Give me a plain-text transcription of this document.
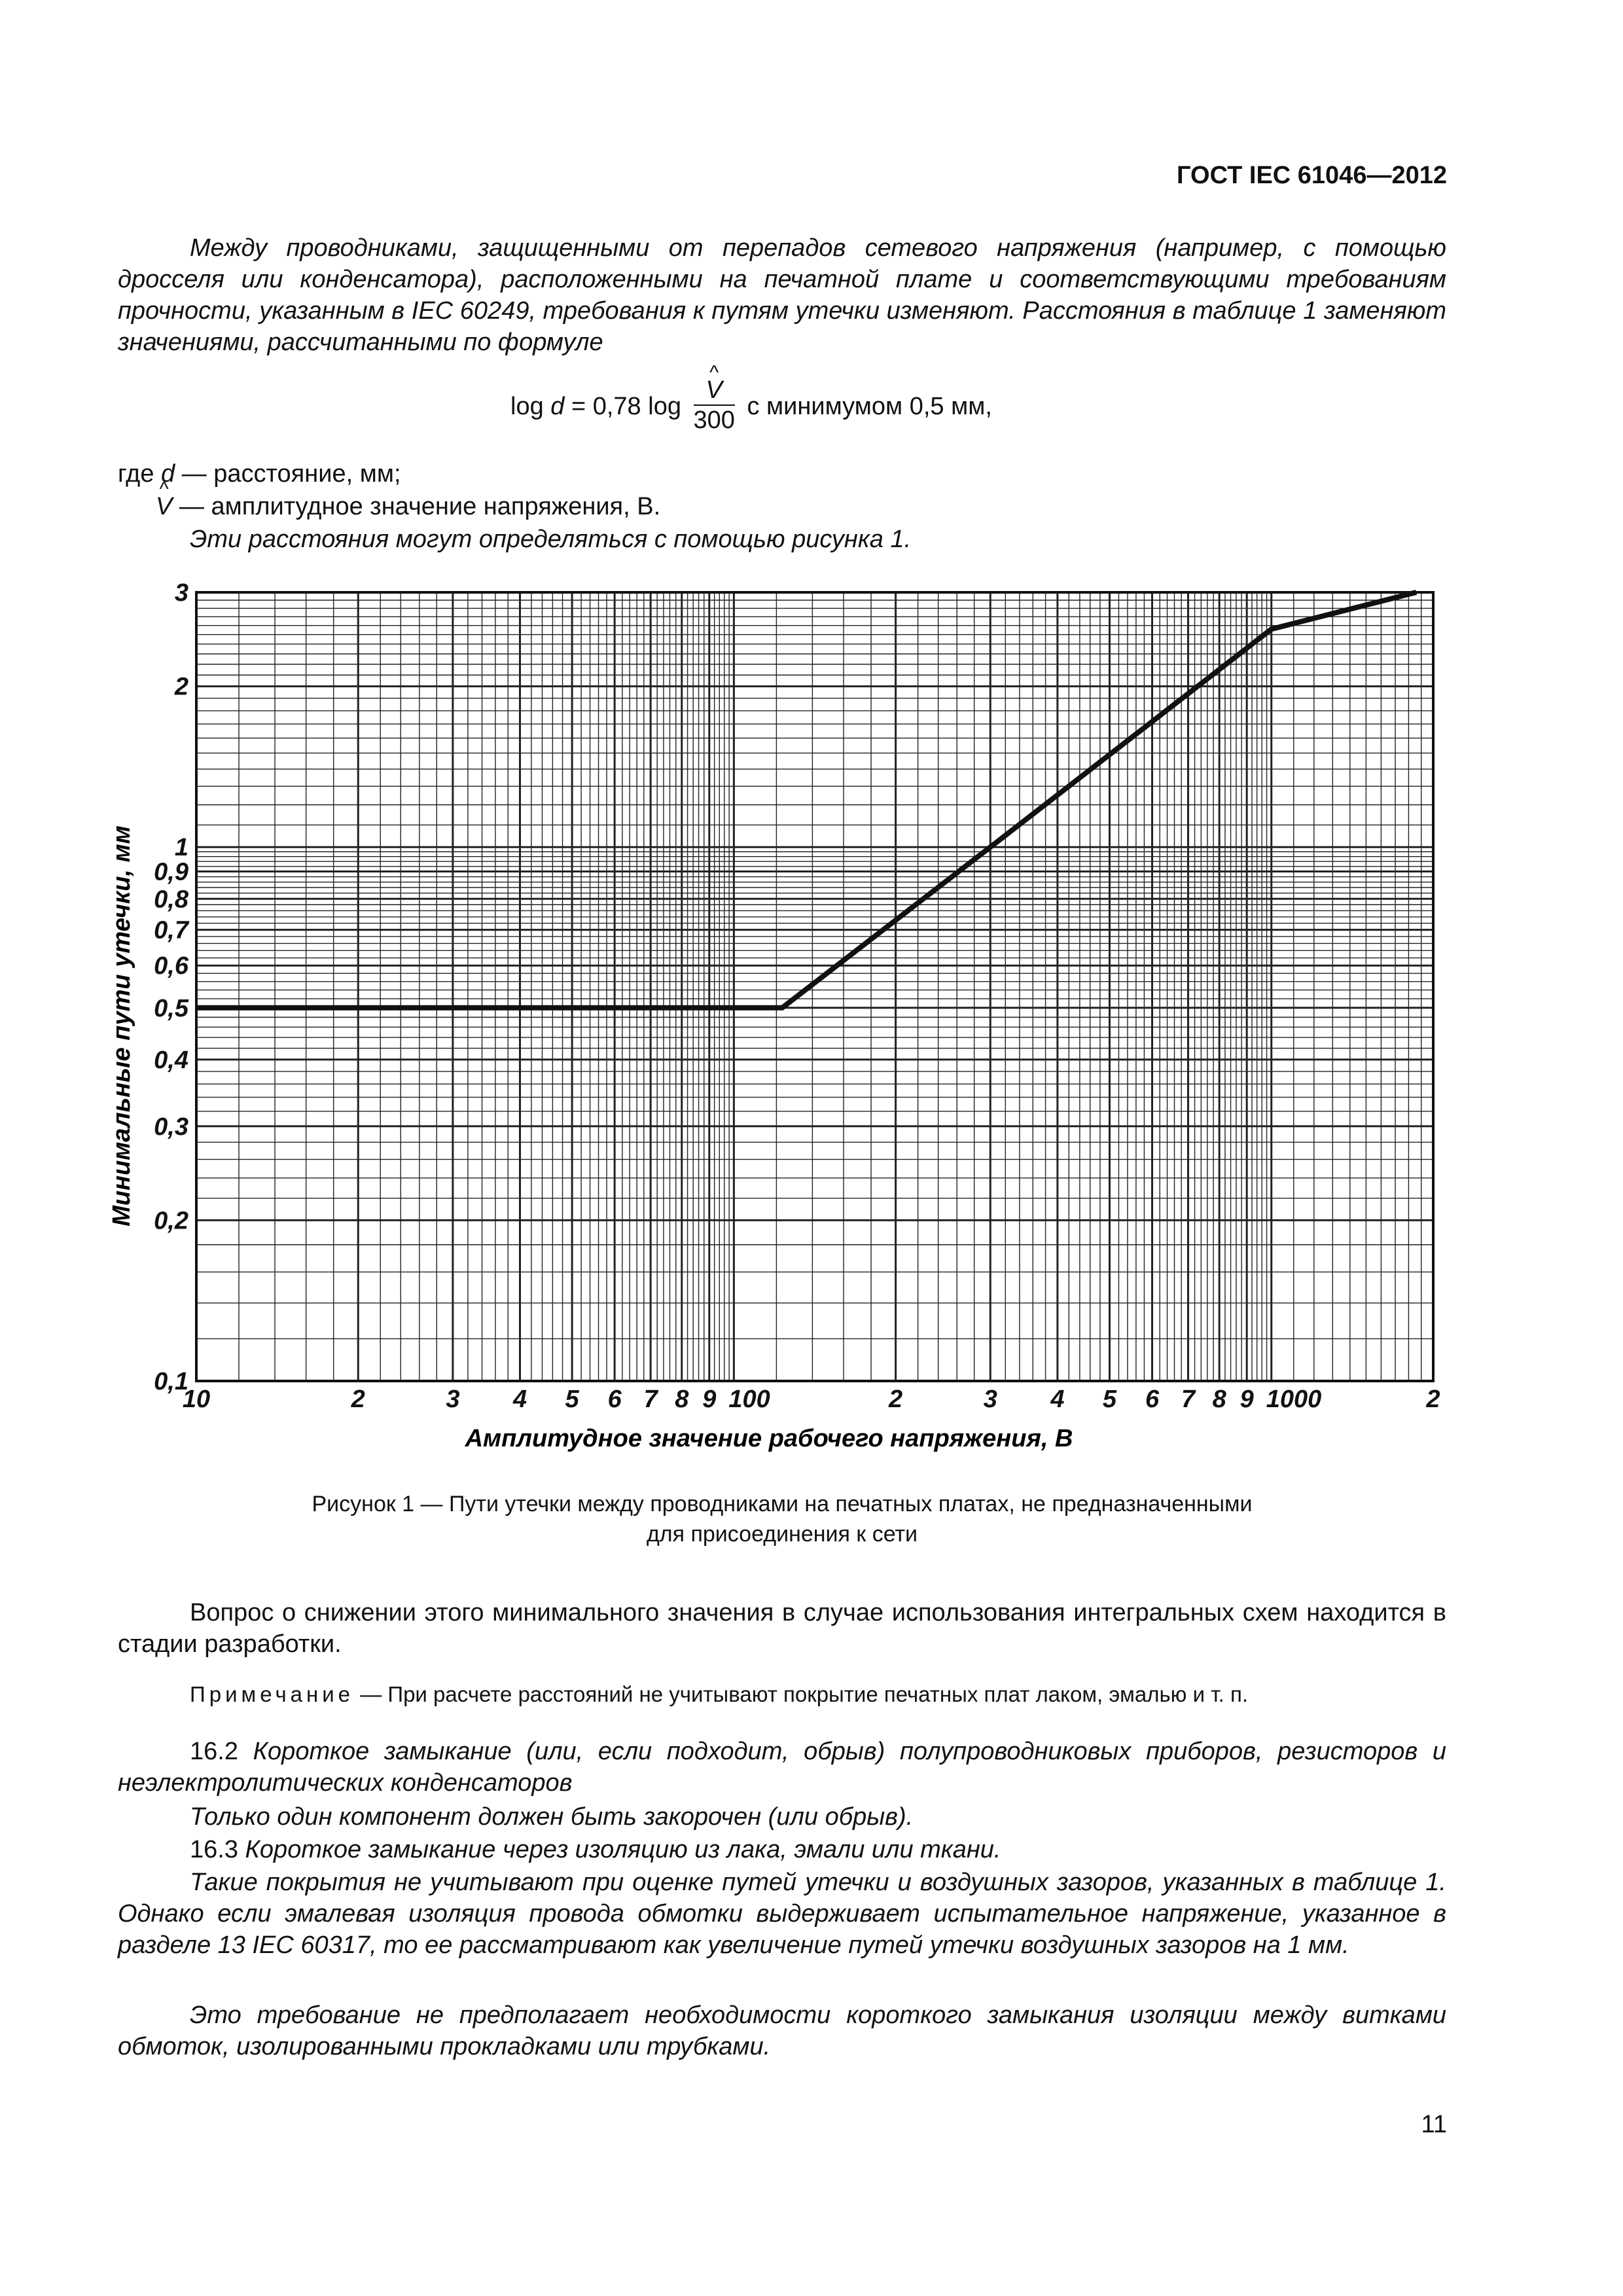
ГОСТ IEC 61046—2012
Между проводниками, защищенными от перепадов сетевого напряжения (например, с помощью дросселя или конденсатора), расположенными на печатной плате и соответствующими требованиям прочности, указанным в IEC 60249, требования к путям утечки изменяют. Расстояния в таблице 1 заменяют значениями, рассчитанными по формуле
log d = 0,78 log
^ $\frac{V}{300}$ с минимумом 0,5 мм,
где d — расстояние, мм;
^ V — амплитудное значение напряжения, В.
Эти расстояния могут определяться с помощью рисунка 1.
10	2	3 4 5 6 7 8 9 100	2	3 4 5 6 7 8 9 1000	2
3
2
1
0,9
0,8
0,7
0,6
0,5
0,4
0,3
0,2
0,1
Амплитудное значение рабочего напряжения, В
Минимальные пути утечки, мм
Рисунок 1 — Пути утечки между проводниками на печатных платах, не предназначенными
для присоединения к сети
Вопрос о снижении этого минимального значения в случае использования интегральных схем находится в стадии разработки.
Примечание — При расчете расстояний не учитывают покрытие печатных плат лаком, эмалью и т. п.
16.2 Короткое замыкание (или, если подходит, обрыв) полупроводниковых приборов, резисторов и неэлектролитических конденсаторов
Только один компонент должен быть закорочен (или обрыв).
16.3 Короткое замыкание через изоляцию из лака, эмали или ткани.
Такие покрытия не учитывают при оценке путей утечки и воздушных зазоров, указанных в таблице 1. Однако если эмалевая изоляция провода обмотки выдерживает испытательное напряжение, указанное в разделе 13 IEC 60317, то ее рассматривают как увеличение путей утечки воздушных зазоров на 1 мм.
Это требование не предполагает необходимости короткого замыкания изоляции между витками обмоток, изолированными прокладками или трубками.
11
